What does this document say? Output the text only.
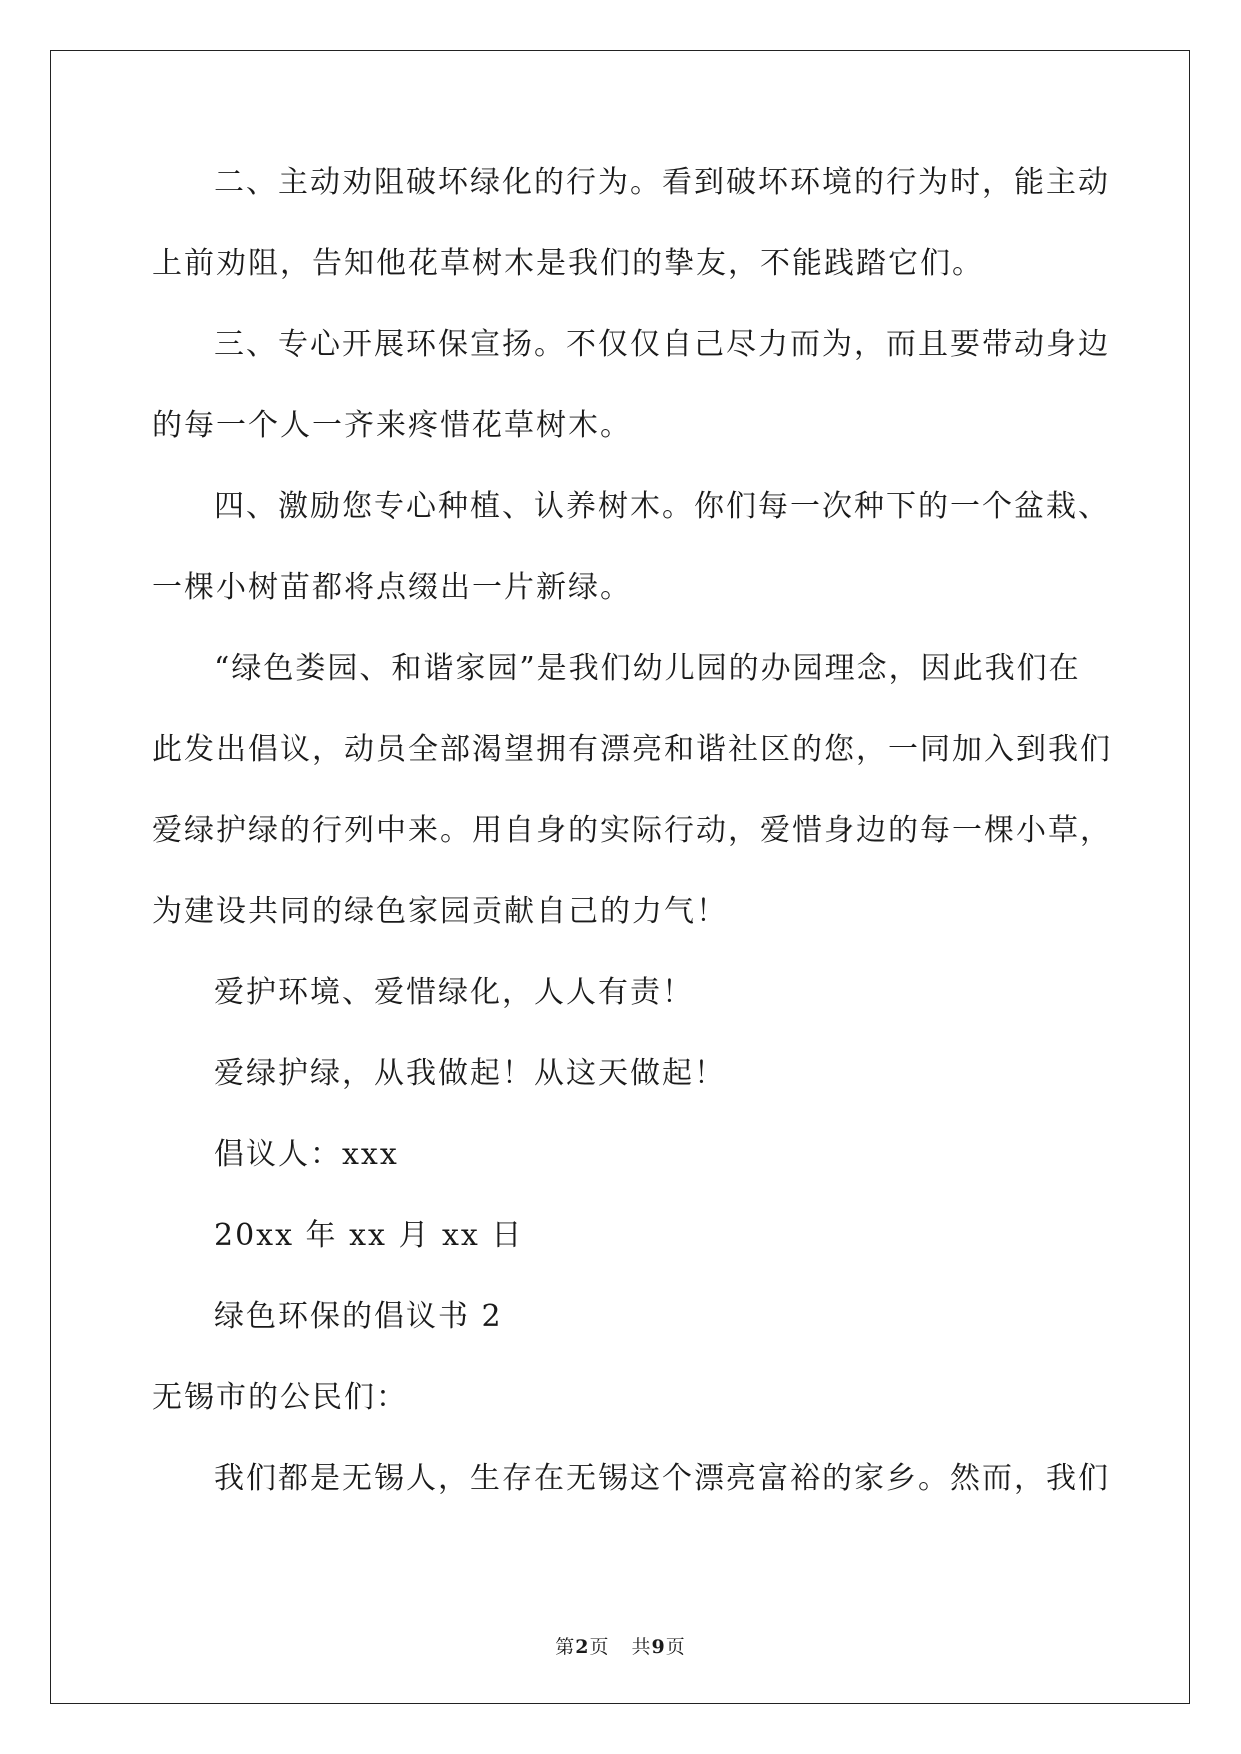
二、主动劝阻破坏绿化的行为。看到破坏环境的行为时，能主动
上前劝阻，告知他花草树木是我们的挚友，不能践踏它们。
三、专心开展环保宣扬。不仅仅自己尽力而为，而且要带动身边
的每一个人一齐来疼惜花草树木。
四、激励您专心种植、认养树木。你们每一次种下的一个盆栽、
一棵小树苗都将点缀出一片新绿。
“绿色娄园、和谐家园”是我们幼儿园的办园理念，因此我们在
此发出倡议，动员全部渴望拥有漂亮和谐社区的您，一同加入到我们
爱绿护绿的行列中来。用自身的实际行动，爱惜身边的每一棵小草，
为建设共同的绿色家园贡献自己的力气！
爱护环境、爱惜绿化，人人有责！
爱绿护绿，从我做起！从这天做起！
倡议人：xxx
20xx 年 xx 月 xx 日
绿色环保的倡议书 2
无锡市的公民们：
我们都是无锡人，生存在无锡这个漂亮富裕的家乡。然而，我们
第2页 共9页
